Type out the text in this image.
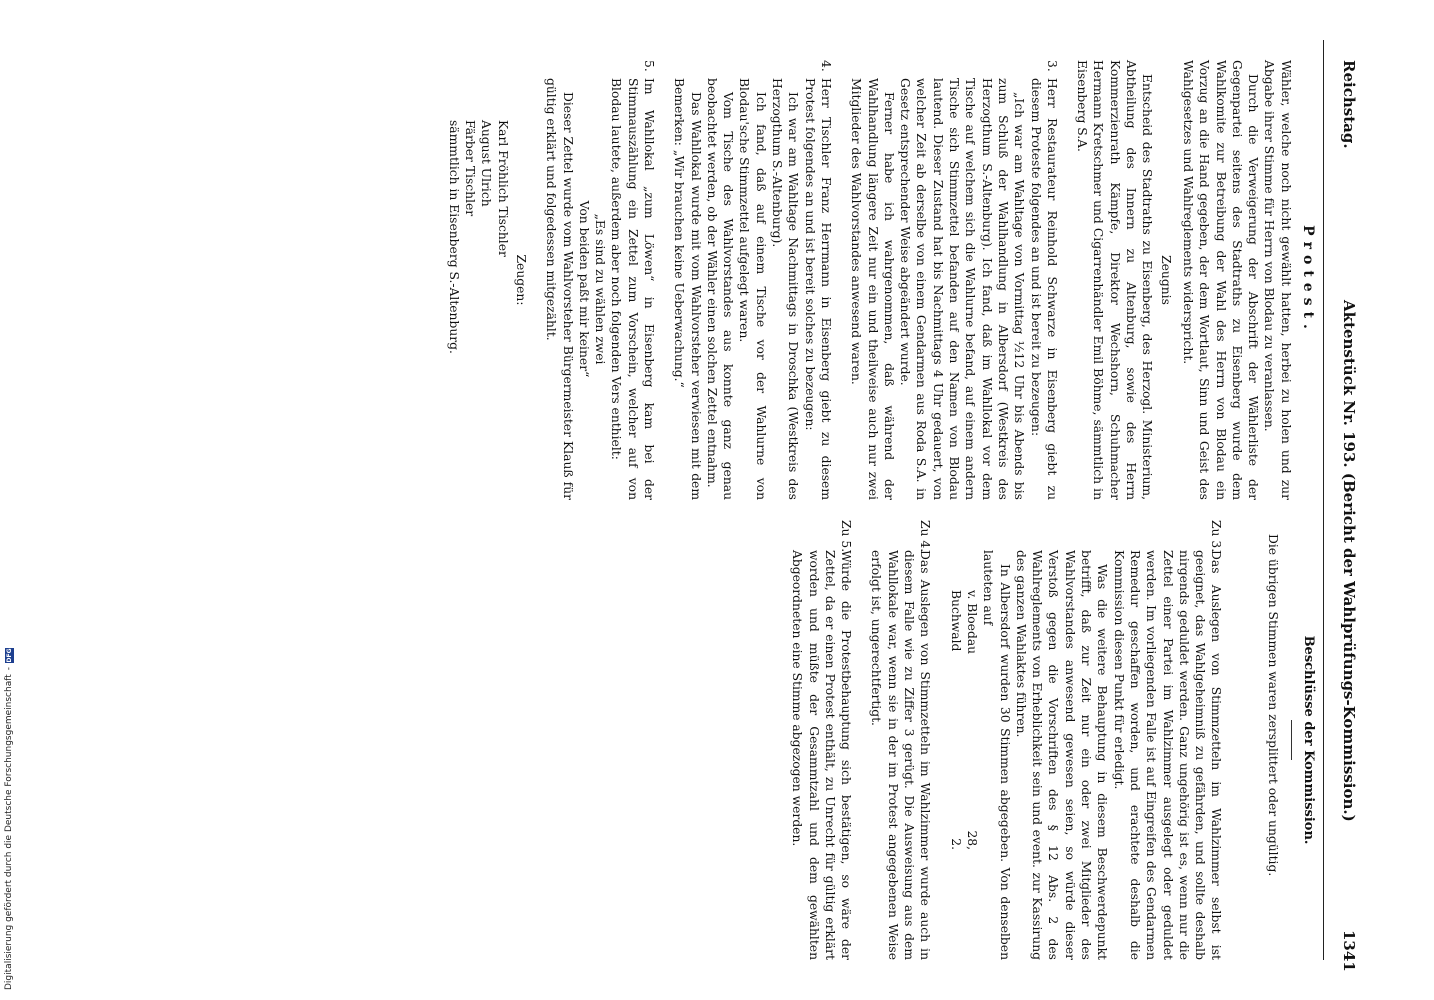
Reichstag.
Aktenstück Nr. 193. (Bericht der Wahlprüfungs-Kommission.)
1341
Protest.

Wähler, welche noch nicht gewählt hatten, herbei zu holen und zur Abgabe ihrer Stimme für Herrn von Blodau zu veranlassen.

Durch die Verweigerung der Abschrift der Wählerliste der Gegenpartei seitens des Stadtraths zu Eisenberg wurde dem Wahlkomite zur Betreibung der Wahl des Herrn von Blodau ein Vorzug an die Hand gegeben, der dem Wortlaut, Sinn und Geist des Wahlgesetzes und Wahlreglements widerspricht.

Zeugnis

Entscheid des Stadtraths zu Eisenberg, des Herzogl. Ministerium, Abtheilung des Innern zu Altenburg, sowie des Herrn Kommerzienrath Kämpfe, Direktor Wechshorn, Schuhmacher Hermann Kretschmer und Cigarrenhändler Emil Böhme, sämmtlich in Eisenberg S.A.

3.

Herr Restaurateur Reinhold Schwarze in Eisenberg giebt zu diesem Proteste folgendes an und ist bereit zu bezeugen:

„Ich war am Wahltage von Vormittag ½12 Uhr bis Abends bis zum Schluß der Wahlhandlung in Albersdorf (Westkreis des Herzogthum S.-Altenburg). Ich fand, daß im Wahllokal vor dem Tische auf welchem sich die Wahlurne befand, auf einem andern Tische sich Stimmzettel befanden auf den Namen von Blodau lautend. Dieser Zustand hat bis Nachmittags 4 Uhr gedauert, von welcher Zeit ab derselbe von einem Gendarmen aus Roda S.A. in Gesetz entsprechender Weise abgeändert wurde.

Ferner habe ich wahrgenommen, daß während der Wahlhandlung längere Zeit nur ein und theilweise auch nur zwei Mitglieder des Wahlvorstandes anwesend waren.

4.

Herr Tischler Franz Herrmann in Eisenberg giebt zu diesem Protest folgendes an und ist bereit solches zu bezeugen:

Ich war am Wahltage Nachmittags in Droschka (Westkreis des Herzogthum S.-Altenburg).

Ich fand, daß auf einem Tische vor der Wahlurne von Blodau'sche Stimmzettel aufgelegt waren.

Vom Tische des Wahlvorstandes aus konnte ganz genau beobachtet werden, ob der Wähler einen solchen Zettel entnahm.

Das Wahllokal wurde mit vom Wahlvorsteher verwiesen mit dem Bemerken: „Wir brauchen keine Ueberwachung.“

5.

Im Wahllokal „zum Löwen“ in Eisenberg kam bei der Stimmauszählung ein Zettel zum Vorschein, welcher auf von Blodau lautete, außerdem aber noch folgenden Vers enthielt:

„Es sind zu wählen zwei

Von beiden paßt mir keiner“

Dieser Zettel wurde vom Wahlvorsteher Bürgermeister Klauß für gültig erklärt und folgedessen mitgezählt.

Zeugen:
Karl Fröhlich Tischler
August Ulrich
Färber Tischler
sämmtlich in Eisenberg S.-Altenburg.
Beschlüsse der Kommission.

Die übrigen Stimmen waren zersplittert oder ungültig.

Zu 3.

Das Auslegen von Stimmzetteln im Wahlzimmer selbst ist geeignet, das Wahlgeheimniß zu gefährden, und sollte deshalb nirgends geduldet werden. Ganz ungehörig ist es, wenn nur die Zettel einer Partei im Wahlzimmer ausgelegt oder geduldet werden. Im vorliegenden Falle ist auf Eingreifen des Gendarmen Remedur geschaffen worden, und erachtete deshalb die Kommission diesen Punkt für erledigt.

Was die weitere Behauptung in diesem Beschwerdepunkt betrifft, daß zur Zeit nur ein oder zwei Mitglieder des Wahlvorstandes anwesend gewesen seien, so würde dieser Verstoß gegen die Vorschriften des § 12 Abs. 2 des Wahlreglements von Erheblichkeit sein und event. zur Kassirung des ganzen Wahlaktes führen.

In Albersdorf wurden 30 Stimmen abgegeben. Von denselben lauteten auf

v. Bloedau
28,
Buchwald
2.
Zu 4.

Das Auslegen von Stimmzetteln im Wahlzimmer wurde auch in diesem Falle wie zu Ziffer 3 gerügt. Die Ausweisung aus dem Wahllokale war, wenn sie in der im Protest angegebenen Weise erfolgt ist, ungerechtfertigt.

Zu 5.

Würde die Protestbehauptung sich bestätigen, so wäre der Zettel, da er einen Protest enthält, zu Unrecht für gültig erklärt worden und müßte der Gesammtzahl und dem gewählten Abgeordneten eine Stimme abgezogen werden.

Digitalisierung gefördert durch die Deutsche Forschungsgemeinschaft
-
DFG
